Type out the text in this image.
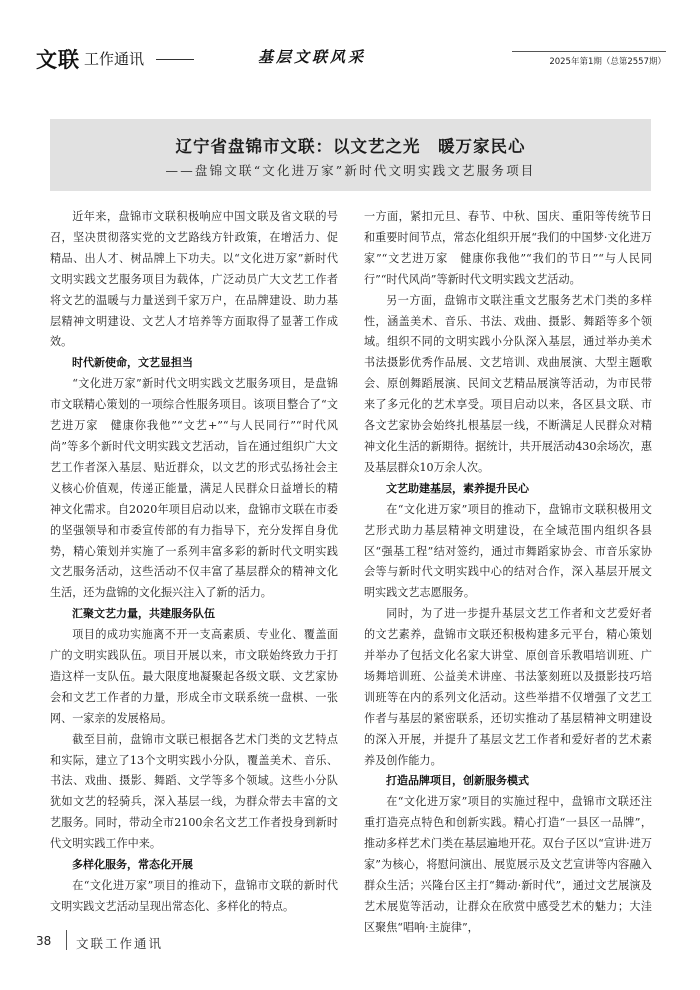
文联 工作通讯	基层文联风采	2025年第1期（总第2557期）
辽宁省盘锦市文联：以文艺之光　暖万家民心
——盘锦文联“文化进万家”新时代文明实践文艺服务项目

近年来，盘锦市文联积极响应中国文联及省文联的号召，坚决贯彻落实党的文艺路线方针政策，在增活力、促精品、出人才、树品牌上下功夫。以“文化进万家”新时代文明实践文艺服务项目为载体，广泛动员广大文艺工作者将文艺的温暖与力量送到千家万户，在品牌建设、助力基层精神文明建设、文艺人才培养等方面取得了显著工作成效。

时代新使命，文艺显担当

“文化进万家”新时代文明实践文艺服务项目，是盘锦市文联精心策划的一项综合性服务项目。该项目整合了“文艺进万家　健康你我他”“文艺+”“与人民同行”“时代风尚”等多个新时代文明实践文艺活动，旨在通过组织广大文艺工作者深入基层、贴近群众，以文艺的形式弘扬社会主义核心价值观，传递正能量，满足人民群众日益增长的精神文化需求。自2020年项目启动以来，盘锦市文联在市委的坚强领导和市委宣传部的有力指导下，充分发挥自身优势，精心策划并实施了一系列丰富多彩的新时代文明实践文艺服务活动，这些活动不仅丰富了基层群众的精神文化生活，还为盘锦的文化振兴注入了新的活力。

汇聚文艺力量，共建服务队伍

项目的成功实施离不开一支高素质、专业化、覆盖面广的文明实践队伍。项目开展以来，市文联始终致力于打造这样一支队伍。最大限度地凝聚起各级文联、文艺家协会和文艺工作者的力量，形成全市文联系统一盘棋、一张网、一家亲的发展格局。

截至目前，盘锦市文联已根据各艺术门类的文艺特点和实际，建立了13个文明实践小分队，覆盖美术、音乐、书法、戏曲、摄影、舞蹈、文学等多个领域。这些小分队犹如文艺的轻骑兵，深入基层一线，为群众带去丰富的文艺服务。同时，带动全市2100余名文艺工作者投身到新时代文明实践工作中来。

多样化服务，常态化开展

在“文化进万家”项目的推动下，盘锦市文联的新时代文明实践文艺活动呈现出常态化、多样化的特点。

一方面，紧扣元旦、春节、中秋、国庆、重阳等传统节日和重要时间节点，常态化组织开展“我们的中国梦·文化进万家”“文艺进万家　健康你我他”“我们的节日”“与人民同行”“时代风尚”等新时代文明实践文艺活动。

另一方面，盘锦市文联注重文艺服务艺术门类的多样性，涵盖美术、音乐、书法、戏曲、摄影、舞蹈等多个领域。组织不同的文明实践小分队深入基层，通过举办美术书法摄影优秀作品展、文艺培训、戏曲展演、大型主题歌会、原创舞蹈展演、民间文艺精品展演等活动，为市民带来了多元化的艺术享受。项目启动以来，各区县文联、市各文艺家协会始终扎根基层一线，不断满足人民群众对精神文化生活的新期待。据统计，共开展活动430余场次，惠及基层群众10万余人次。

文艺助建基层，素养提升民心

在“文化进万家”项目的推动下，盘锦市文联积极用文艺形式助力基层精神文明建设，在全域范围内组织各县区“强基工程”结对签约，通过市舞蹈家协会、市音乐家协会等与新时代文明实践中心的结对合作，深入基层开展文明实践文艺志愿服务。

同时，为了进一步提升基层文艺工作者和文艺爱好者的文艺素养，盘锦市文联还积极构建多元平台，精心策划并举办了包括文化名家大讲堂、原创音乐教唱培训班、广场舞培训班、公益美术讲座、书法篆刻班以及摄影技巧培训班等在内的系列文化活动。这些举措不仅增强了文艺工作者与基层的紧密联系，还切实推动了基层精神文明建设的深入开展，并提升了基层文艺工作者和爱好者的艺术素养及创作能力。

打造品牌项目，创新服务模式

在“文化进万家”项目的实施过程中，盘锦市文联还注重打造亮点特色和创新实践。精心打造“一县区一品牌”，推动多样艺术门类在基层遍地开花。双台子区以“宣讲·进万家”为核心，将慰问演出、展览展示及文艺宣讲等内容融入群众生活；兴隆台区主打“舞动·新时代”，通过文艺展演及艺术展览等活动，让群众在欣赏中感受艺术的魅力；大洼区聚焦“唱响·主旋律”，

38 文联工作通讯
